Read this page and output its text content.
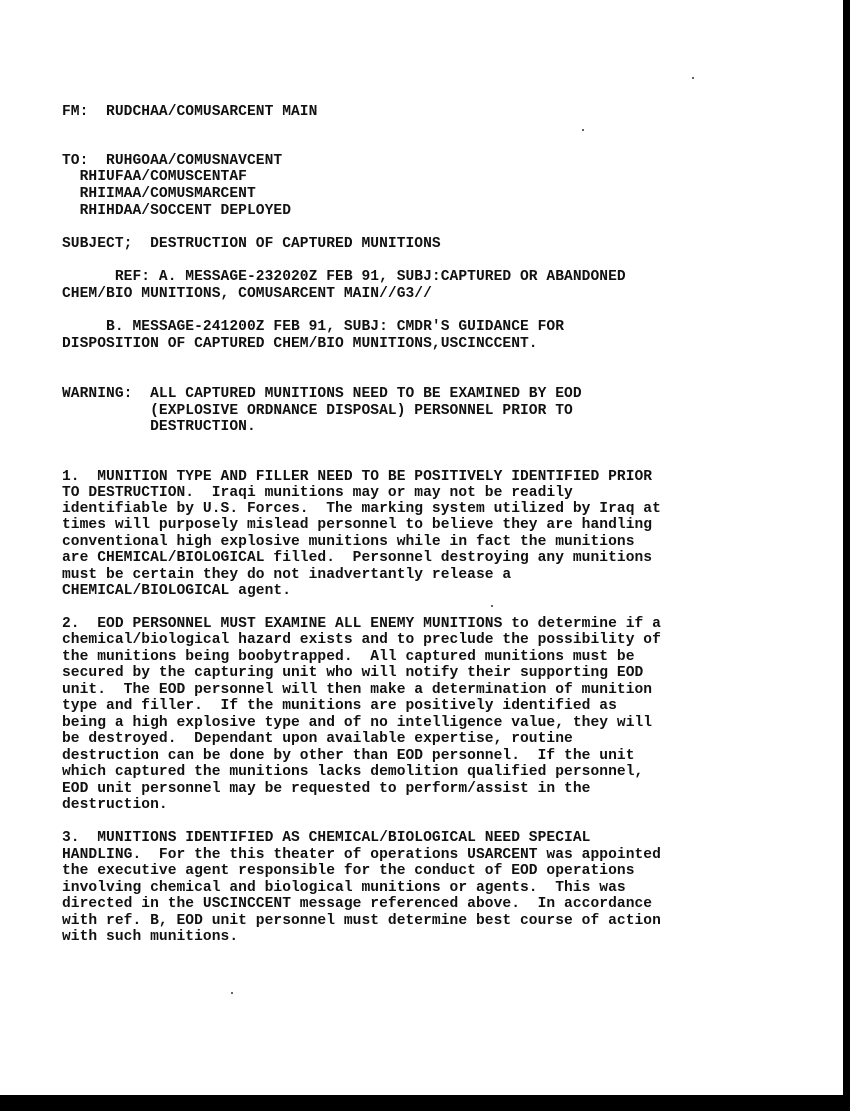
FM:  RUDCHAA/COMUSARCENT MAIN
TO:  RUHGOAA/COMUSNAVCENT
RHIUFAA/COMUSCENTAF
RHIIMAA/COMUSMARCENT
RHIHDAA/SOCCENT DEPLOYED
SUBJECT;  DESTRUCTION OF CAPTURED MUNITIONS
REF: A. MESSAGE-232020Z FEB 91, SUBJ:CAPTURED OR ABANDONED
CHEM/BIO MUNITIONS, COMUSARCENT MAIN//G3//
B. MESSAGE-241200Z FEB 91, SUBJ: CMDR'S GUIDANCE FOR
DISPOSITION OF CAPTURED CHEM/BIO MUNITIONS,USCINCCENT.
WARNING:  ALL CAPTURED MUNITIONS NEED TO BE EXAMINED BY EOD
(EXPLOSIVE ORDNANCE DISPOSAL) PERSONNEL PRIOR TO
DESTRUCTION.
1.  MUNITION TYPE AND FILLER NEED TO BE POSITIVELY IDENTIFIED PRIOR
TO DESTRUCTION.  Iraqi munitions may or may not be readily
identifiable by U.S. Forces.  The marking system utilized by Iraq at
times will purposely mislead personnel to believe they are handling
conventional high explosive munitions while in fact the munitions
are CHEMICAL/BIOLOGICAL filled.  Personnel destroying any munitions
must be certain they do not inadvertantly release a
CHEMICAL/BIOLOGICAL agent.
2.  EOD PERSONNEL MUST EXAMINE ALL ENEMY MUNITIONS to determine if a
chemical/biological hazard exists and to preclude the possibility of
the munitions being boobytrapped.  All captured munitions must be
secured by the capturing unit who will notify their supporting EOD
unit.  The EOD personnel will then make a determination of munition
type and filler.  If the munitions are positively identified as
being a high explosive type and of no intelligence value, they will
be destroyed.  Dependant upon available expertise, routine
destruction can be done by other than EOD personnel.  If the unit
which captured the munitions lacks demolition qualified personnel,
EOD unit personnel may be requested to perform/assist in the
destruction.
3.  MUNITIONS IDENTIFIED AS CHEMICAL/BIOLOGICAL NEED SPECIAL
HANDLING.  For the this theater of operations USARCENT was appointed
the executive agent responsible for the conduct of EOD operations
involving chemical and biological munitions or agents.  This was
directed in the USCINCCENT message referenced above.  In accordance
with ref. B, EOD unit personnel must determine best course of action
with such munitions.
